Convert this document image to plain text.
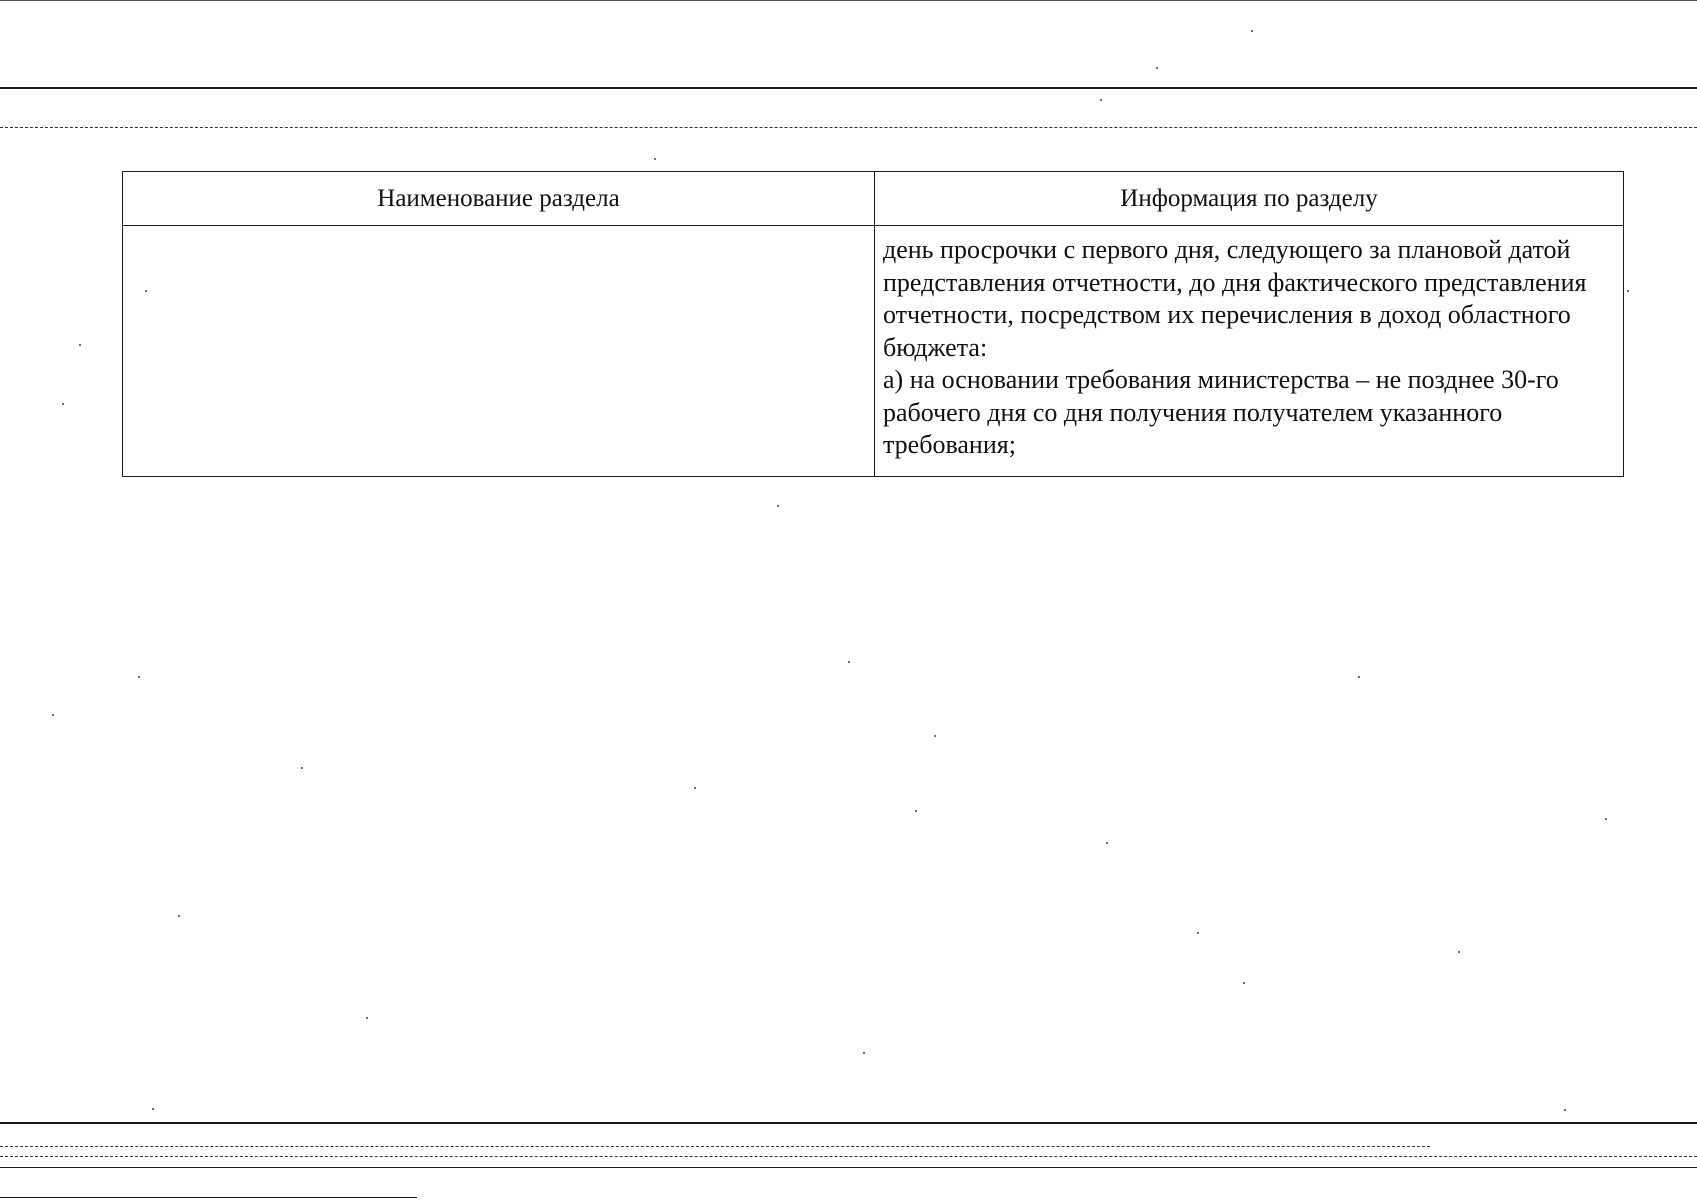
Наименование раздела	Информация по разделу
	день просрочки с первого дня, следующего за плановой датой представления отчетности, до дня фактического представления отчетности, посредством их перечисления в доход областного бюджета:
а) на основании требования министерства – не позднее 30-го рабочего дня со дня получения получателем указанного требования;
